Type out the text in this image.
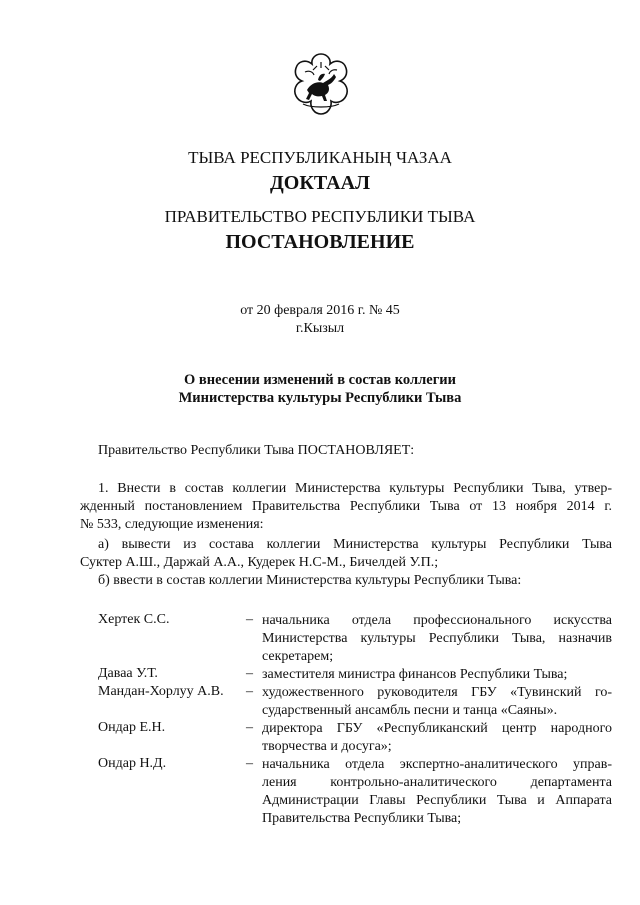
ТЫВА РЕСПУБЛИКАНЫҢ ЧАЗАА
ДОКТААЛ
ПРАВИТЕЛЬСТВО РЕСПУБЛИКИ ТЫВА
ПОСТАНОВЛЕНИЕ
от 20 февраля 2016 г. № 45
г.Кызыл
О внесении изменений в состав коллегии
Министерства культуры Республики Тыва
Правительство Республики Тыва ПОСТАНОВЛЯЕТ:
1. Внести в состав коллегии Министерства культуры Республики Тыва, утвер-
жденный постановлением Правительства Республики Тыва от 13 ноября 2014 г.
№ 533, следующие изменения:
а) вывести из состава коллегии Министерства культуры Республики Тыва
Суктер А.Ш., Даржай А.А., Кудерек Н.С-М., Бичелдей У.П.;
б) ввести в состав коллегии Министерства культуры Республики Тыва:
Хертек С.С.	– начальника отдела профессионального искусства
Министерства культуры Республики Тыва, назначив
секретарем;
Даваа У.Т.	– заместителя министра финансов Республики Тыва;
Мандан-Хорлуу А.В. – художественного руководителя ГБУ «Тувинский го-
сударственный ансамбль песни и танца «Саяны».
Ондар Е.Н.	– директора ГБУ «Республиканский центр народного
творчества и досуга»;
Ондар Н.Д.	– начальника отдела экспертно-аналитического управ-
ления    контрольно-аналитического    департамента
Администрации Главы Республики Тыва и Аппарата
Правительства Республики Тыва;
